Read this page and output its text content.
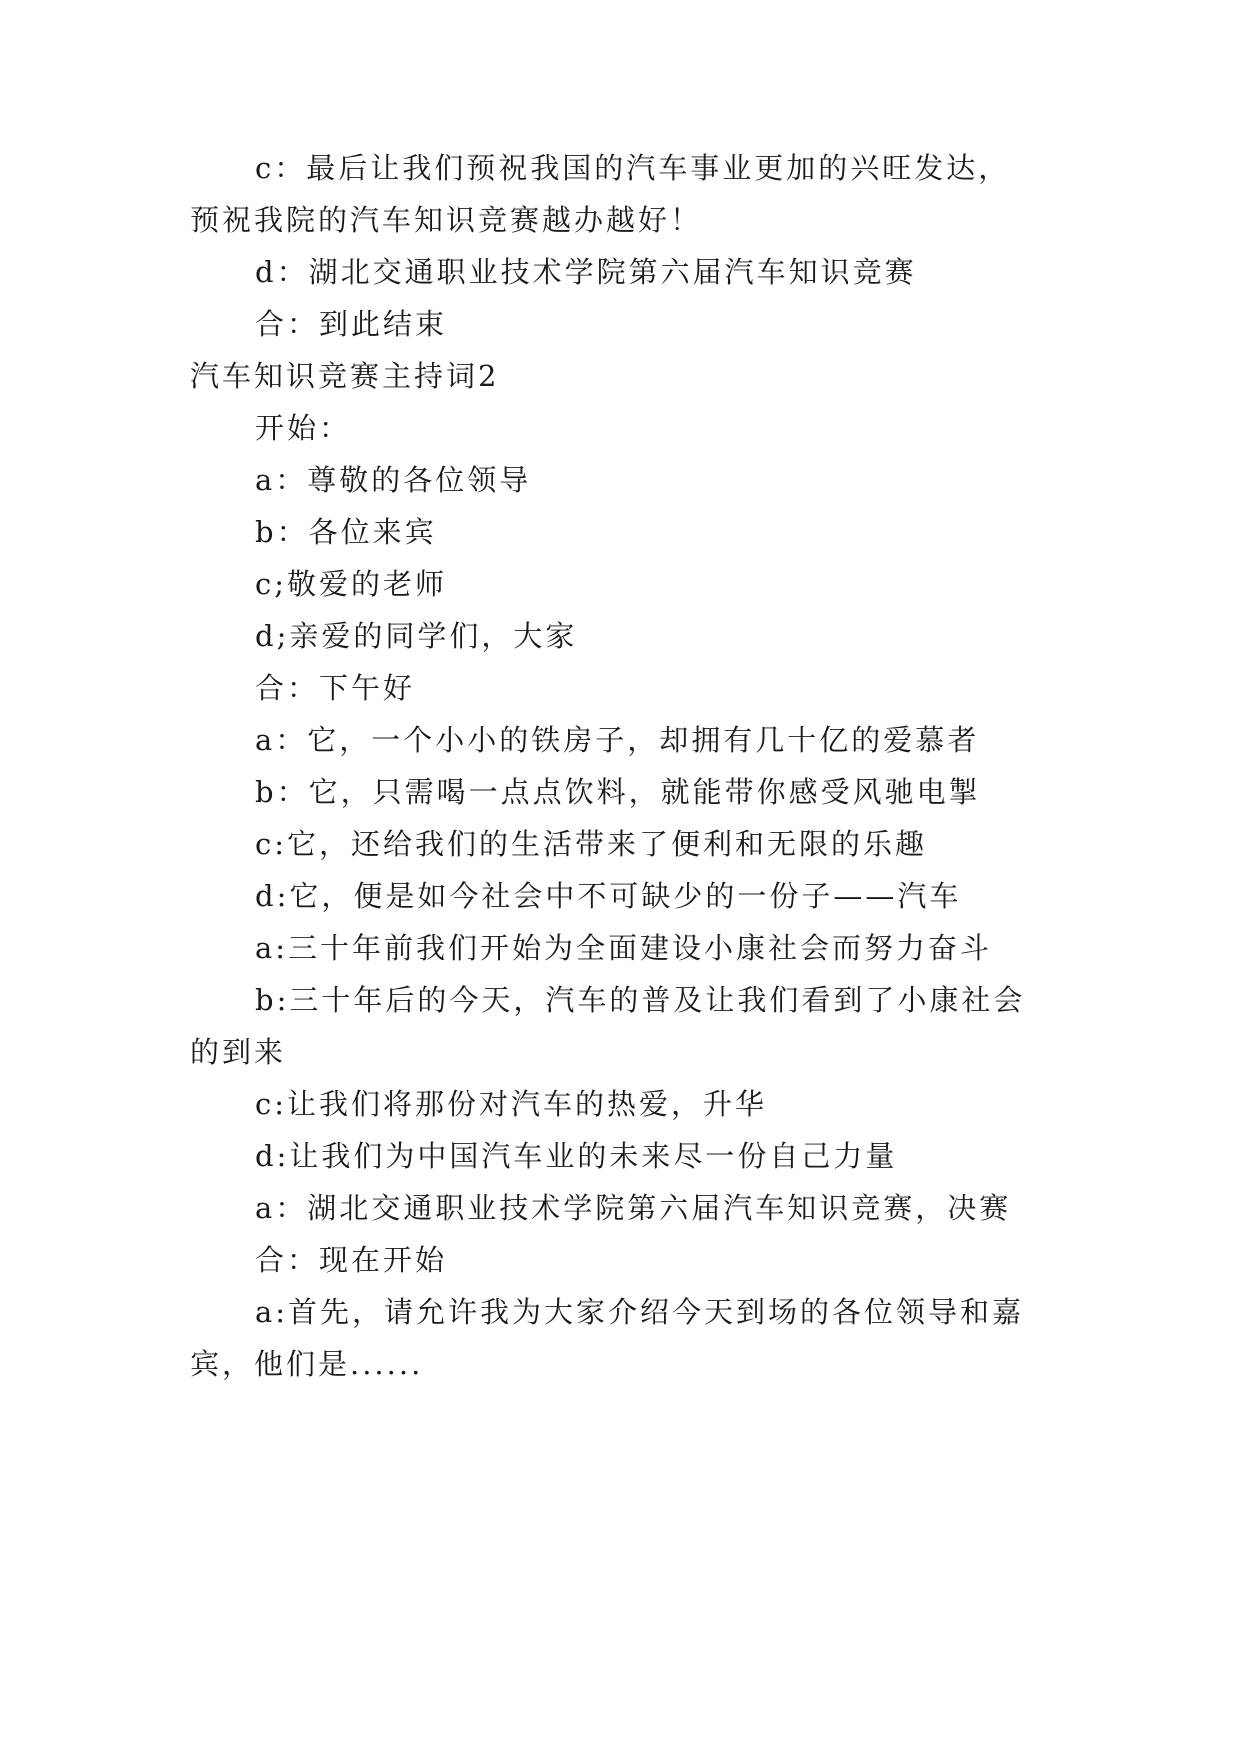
c：最后让我们预祝我国的汽车事业更加的兴旺发达，
预祝我院的汽车知识竞赛越办越好！
d：湖北交通职业技术学院第六届汽车知识竞赛
合：到此结束
汽车知识竞赛主持词2
开始：
a：尊敬的各位领导
b：各位来宾
c;敬爱的老师
d;亲爱的同学们，大家
合：下午好
a：它，一个小小的铁房子，却拥有几十亿的爱慕者
b：它，只需喝一点点饮料，就能带你感受风驰电掣
c:它，还给我们的生活带来了便利和无限的乐趣
d:它，便是如今社会中不可缺少的一份子——汽车
a:三十年前我们开始为全面建设小康社会而努力奋斗
b:三十年后的今天，汽车的普及让我们看到了小康社会
的到来
c:让我们将那份对汽车的热爱，升华
d:让我们为中国汽车业的未来尽一份自己力量
a：湖北交通职业技术学院第六届汽车知识竞赛，决赛
合：现在开始
a:首先，请允许我为大家介绍今天到场的各位领导和嘉
宾，他们是......
